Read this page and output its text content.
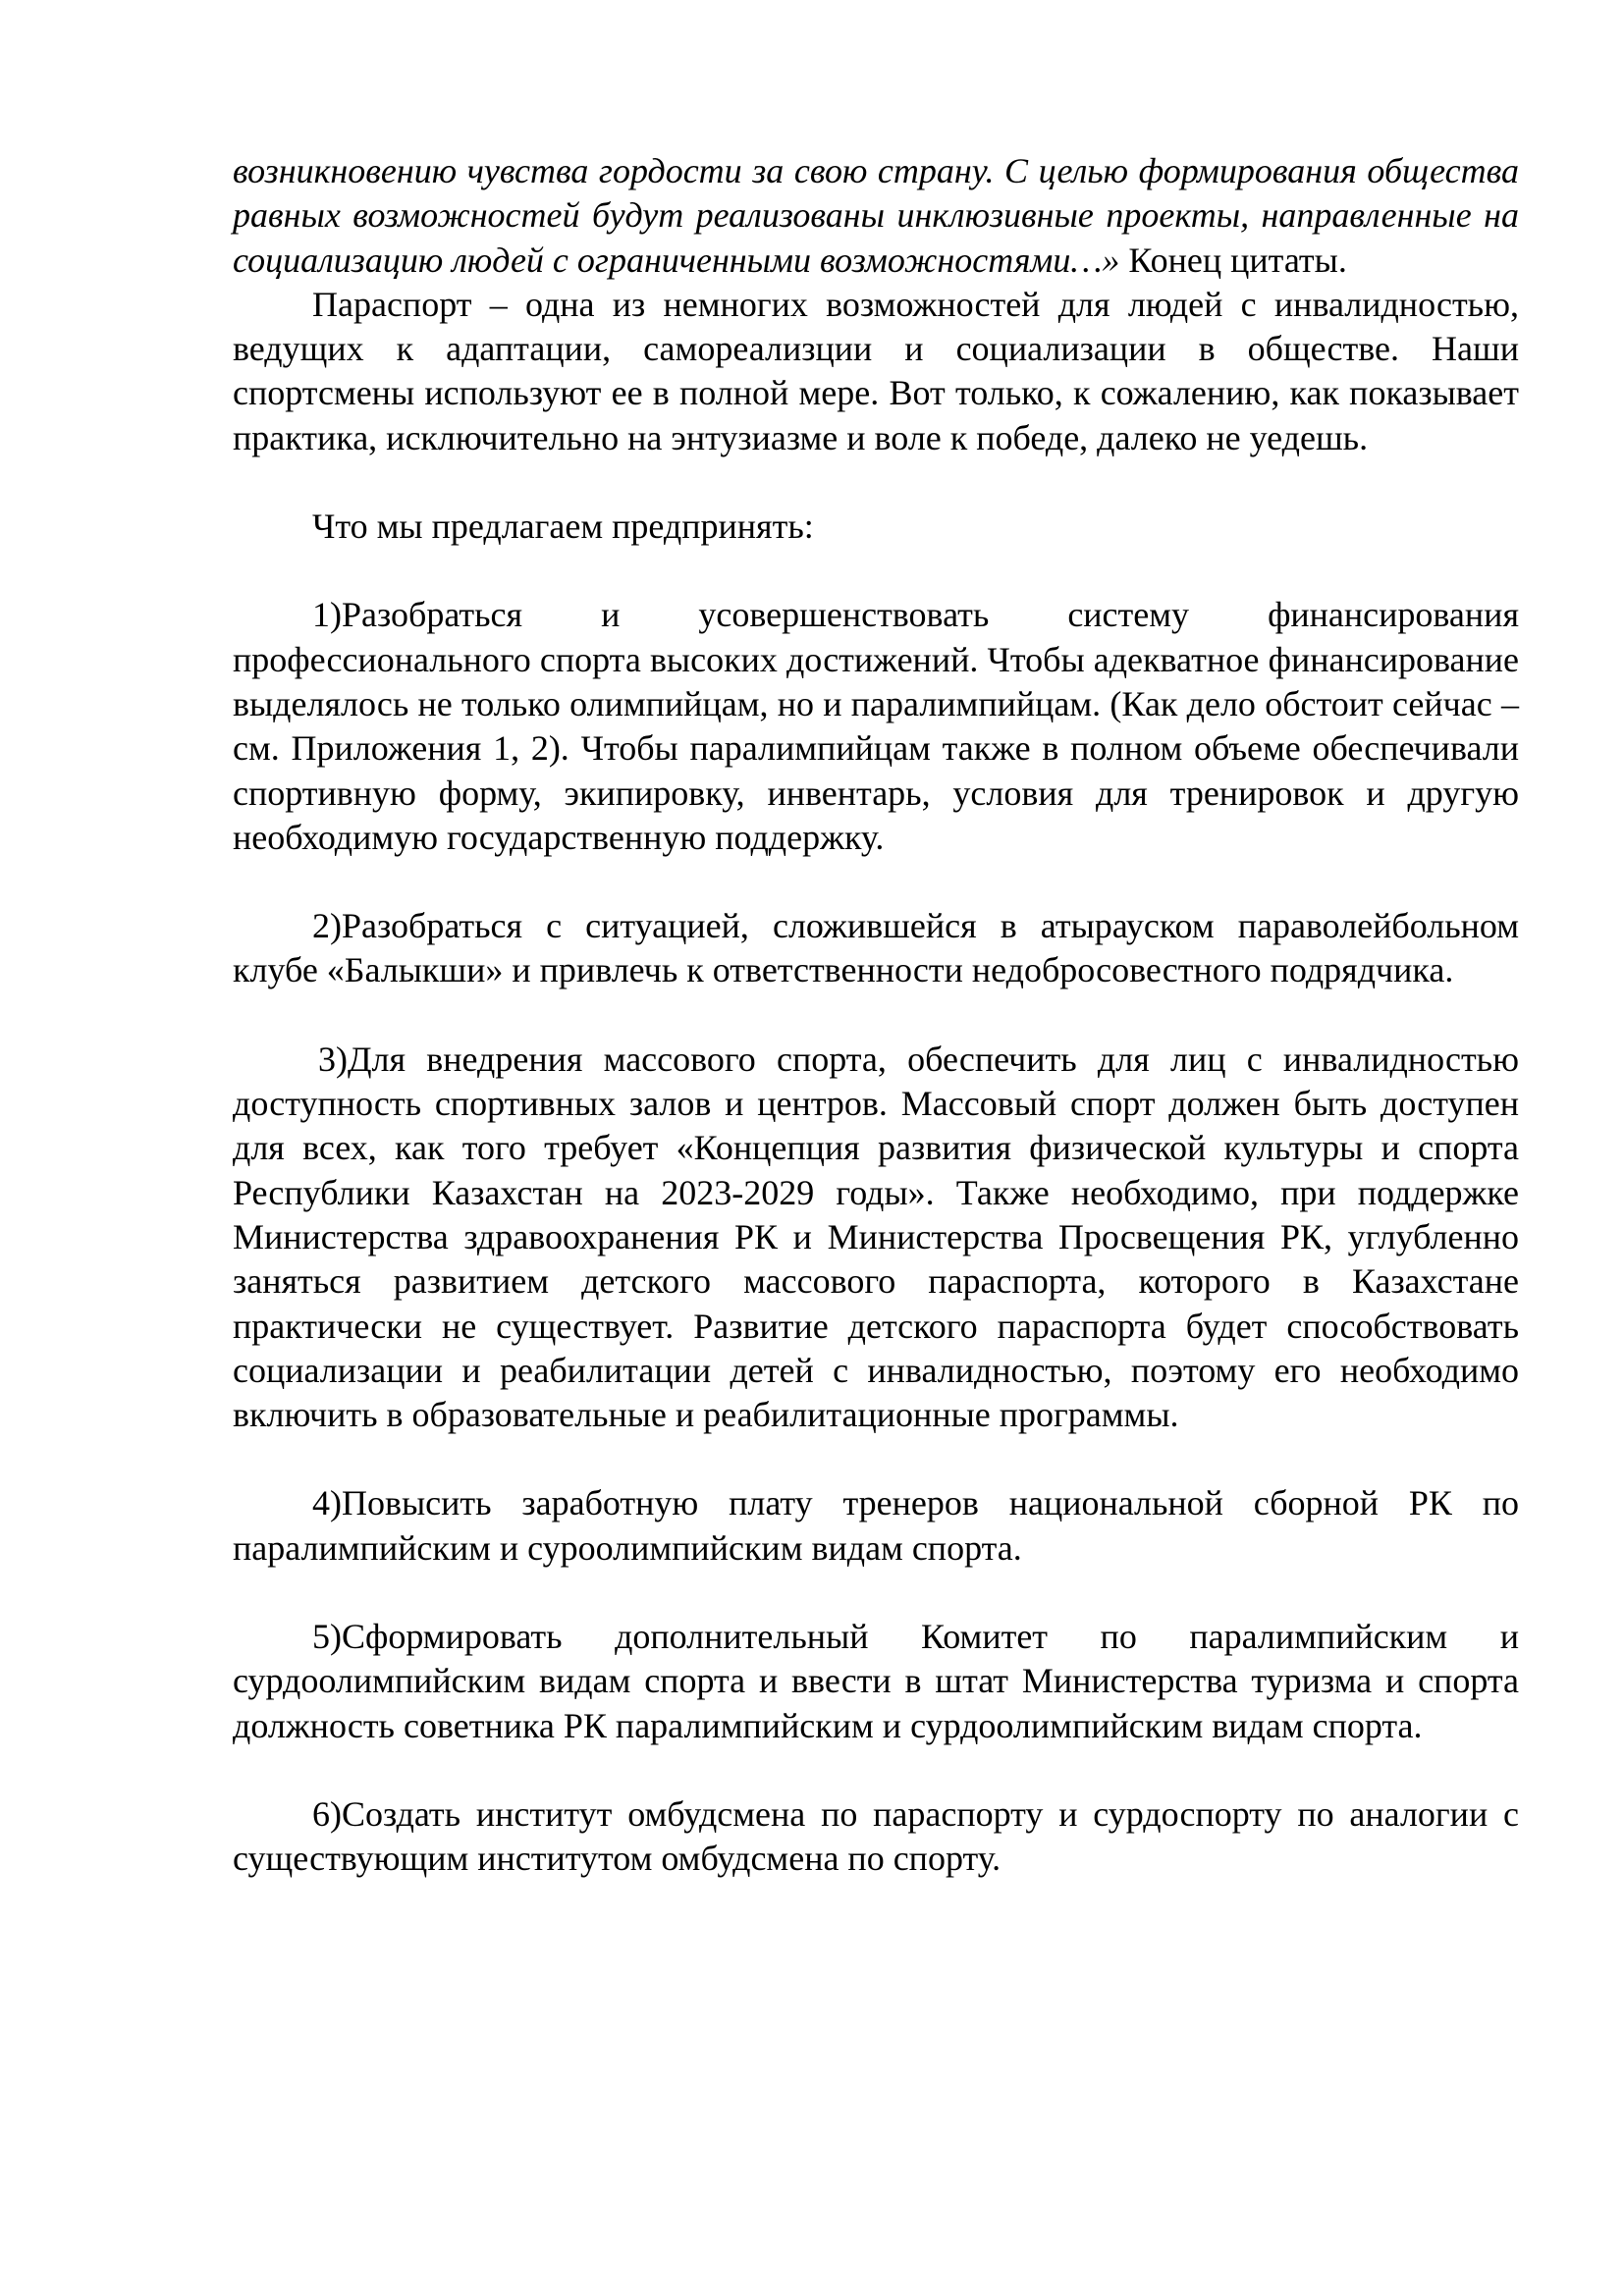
возникновению чувства гордости за свою страну. С целью формирования общества равных возможностей будут реализованы инклюзивные проекты, направленные на социализацию людей с ограниченными возможностями…» Конец цитаты.

Параспорт – одна из немногих возможностей для людей с инвалидностью, ведущих к адаптации, самореализции и социализации в обществе. Наши спортсмены используют ее в полной мере. Вот только, к сожалению, как показывает практика, исключительно на энтузиазме и воле к победе, далеко не уедешь.

Что мы предлагаем предпринять:

1)Разобраться и усовершенствовать систему финансирования профессионального спорта высоких достижений. Чтобы адекватное финансирование выделялось не только олимпийцам, но и паралимпийцам. (Как дело обстоит сейчас – см. Приложения 1, 2). Чтобы паралимпийцам также в полном объеме обеспечивали спортивную форму, экипировку, инвентарь, условия для тренировок и другую необходимую государственную поддержку.

2)Разобраться с ситуацией, сложившейся в атырауском параволейбольном клубе «Балыкши» и привлечь к ответственности недобросовестного подрядчика.

3)Для внедрения массового спорта, обеспечить для лиц с инвалидностью доступность спортивных залов и центров. Массовый спорт должен быть доступен для всех, как того требует «Концепция развития физической культуры и спорта Республики Казахстан на 2023-2029 годы». Также необходимо, при поддержке Министерства здравоохранения РК и Министерства Просвещения РК, углубленно заняться развитием детского массового параспорта, которого в Казахстане практически не существует. Развитие детского параспорта будет способствовать социализации и реабилитации детей с инвалидностью, поэтому его необходимо включить в образовательные и реабилитационные программы.

4)Повысить заработную плату тренеров национальной сборной РК по паралимпийским и суроолимпийским видам спорта.

5)Сформировать дополнительный Комитет по паралимпийским и сурдоолимпийским видам спорта и ввести в штат Министерства туризма и спорта должность советника РК паралимпийским и сурдоолимпийским видам спорта.

6)Создать институт омбудсмена по параспорту и сурдоспорту по аналогии с существующим институтом омбудсмена по спорту.
